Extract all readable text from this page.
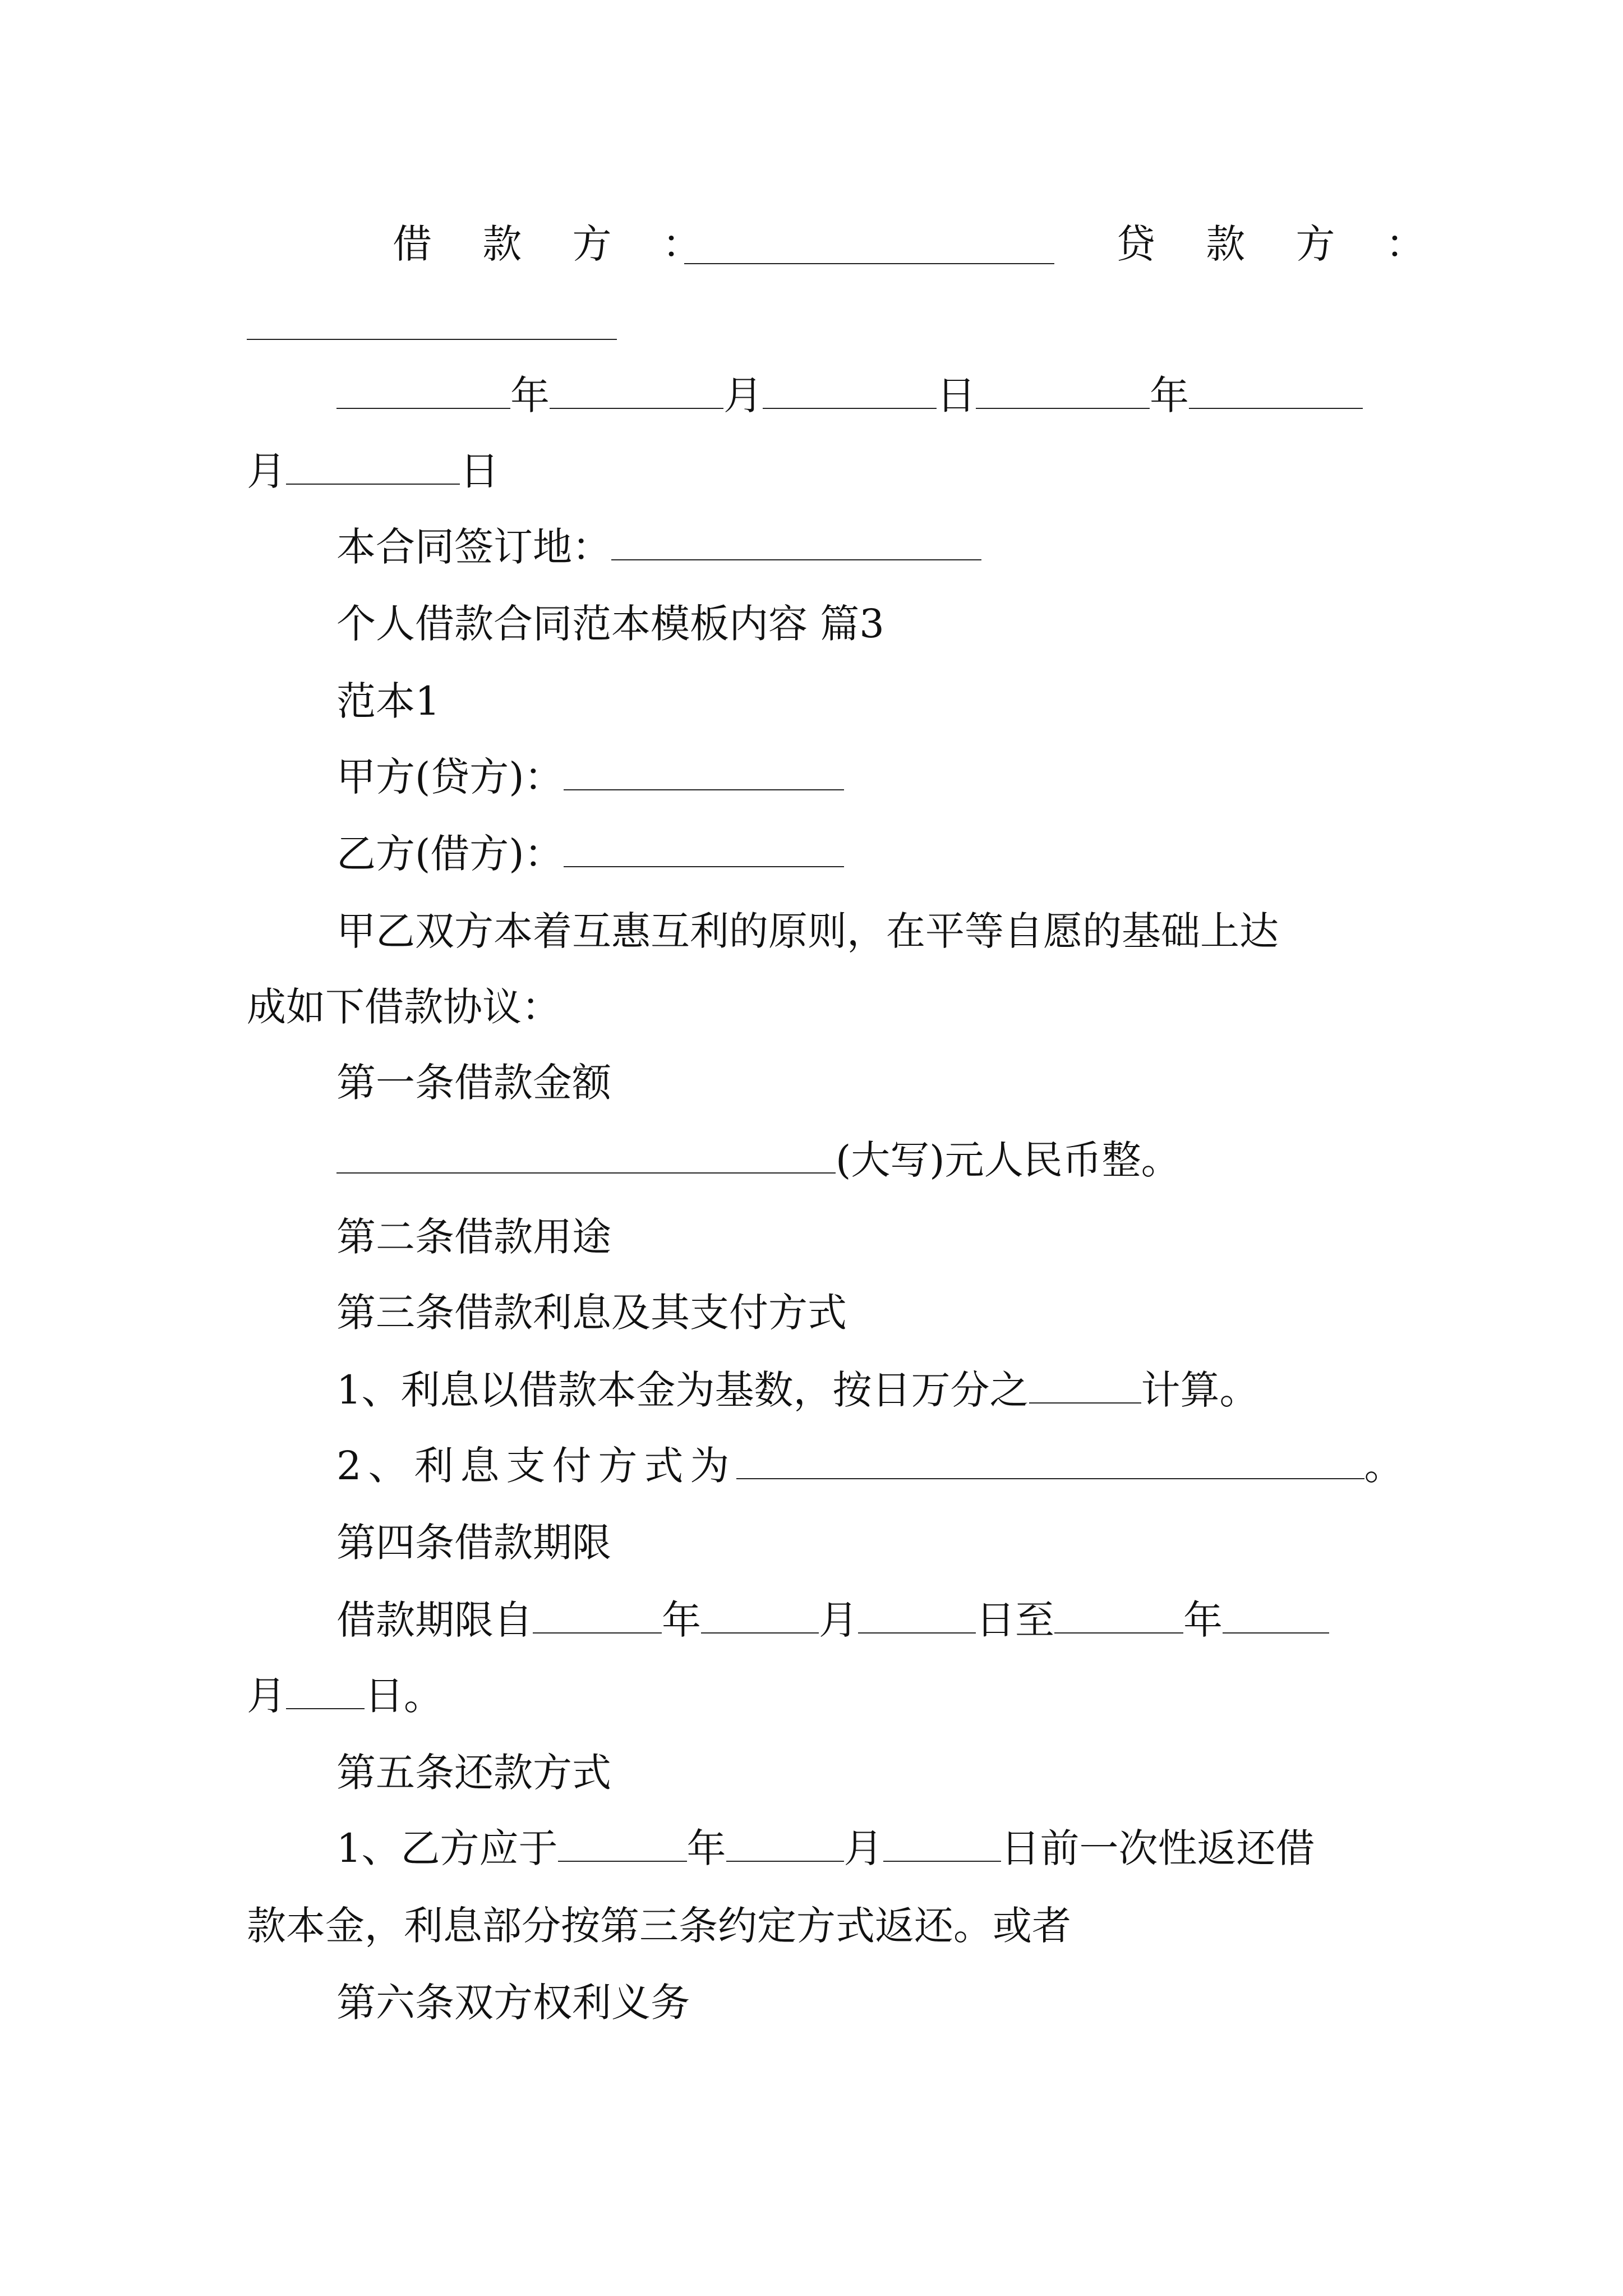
借 款 方 ：	贷 款 方 ：
年	月	日	年
月	日
本合同签订地：
个人借款合同范本模板内容 篇3
范本1
甲方(贷方)：
乙方(借方)：
甲乙双方本着互惠互利的原则，在平等自愿的基础上达
成如下借款协议：
第一条借款金额
(大写)元人民币整。
第二条借款用途
第三条借款利息及其支付方式
1、利息以借款本金为基数，按日万分之	计算。
2、利息支付方式为	。
第四条借款期限
借款期限自	年	月	日至	年
月 日。
第五条还款方式
1、乙方应于	年	月	日前一次性返还借
款本金，利息部分按第三条约定方式返还。或者
第六条双方权利义务
